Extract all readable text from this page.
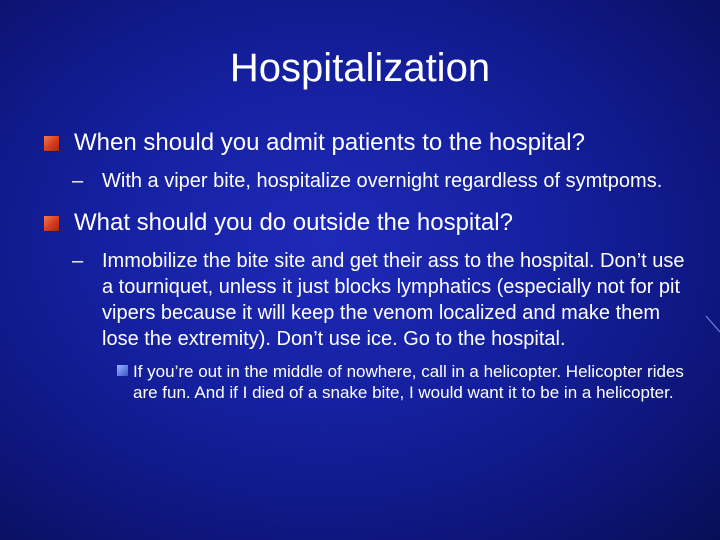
Hospitalization
When should you admit patients to the hospital?
– With a viper bite, hospitalize overnight regardless of symtpoms.
What should you do outside the hospital?
– Immobilize the bite site and get their ass to the hospital. Don’t use a tourniquet, unless it just blocks lymphatics (especially not for pit vipers because it will keep the venom localized and make them lose the extremity). Don’t use ice. Go to the hospital.
If you’re out in the middle of nowhere, call in a helicopter. Helicopter rides are fun. And if I died of a snake bite, I would want it to be in a helicopter.
